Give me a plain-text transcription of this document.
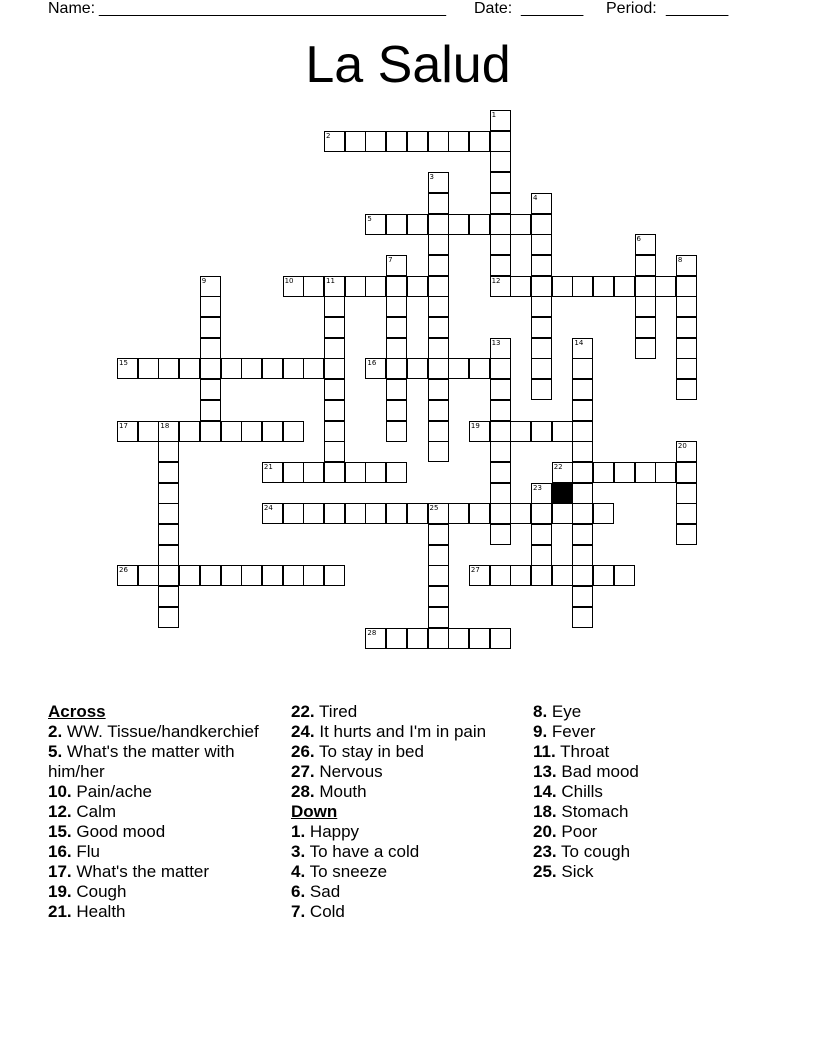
Name: _______________________________________ Date: _______ Period: _______
La Salud
2
5
10	11	12
15	16
17	18	19
21	22
24	25
26	27
28
1
3
4
6
7	8
9
13	14
20
23

Across

2. WW. Tissue/handkerchief

5. What's the matter with him/her

10. Pain/ache

12. Calm

15. Good mood

16. Flu

17. What's the matter

19. Cough

21. Health

22. Tired

24. It hurts and I'm in pain

26. To stay in bed

27. Nervous

28. Mouth

Down

1. Happy

3. To have a cold

4. To sneeze

6. Sad

7. Cold

8. Eye

9. Fever

11. Throat

13. Bad mood

14. Chills

18. Stomach

20. Poor

23. To cough

25. Sick
